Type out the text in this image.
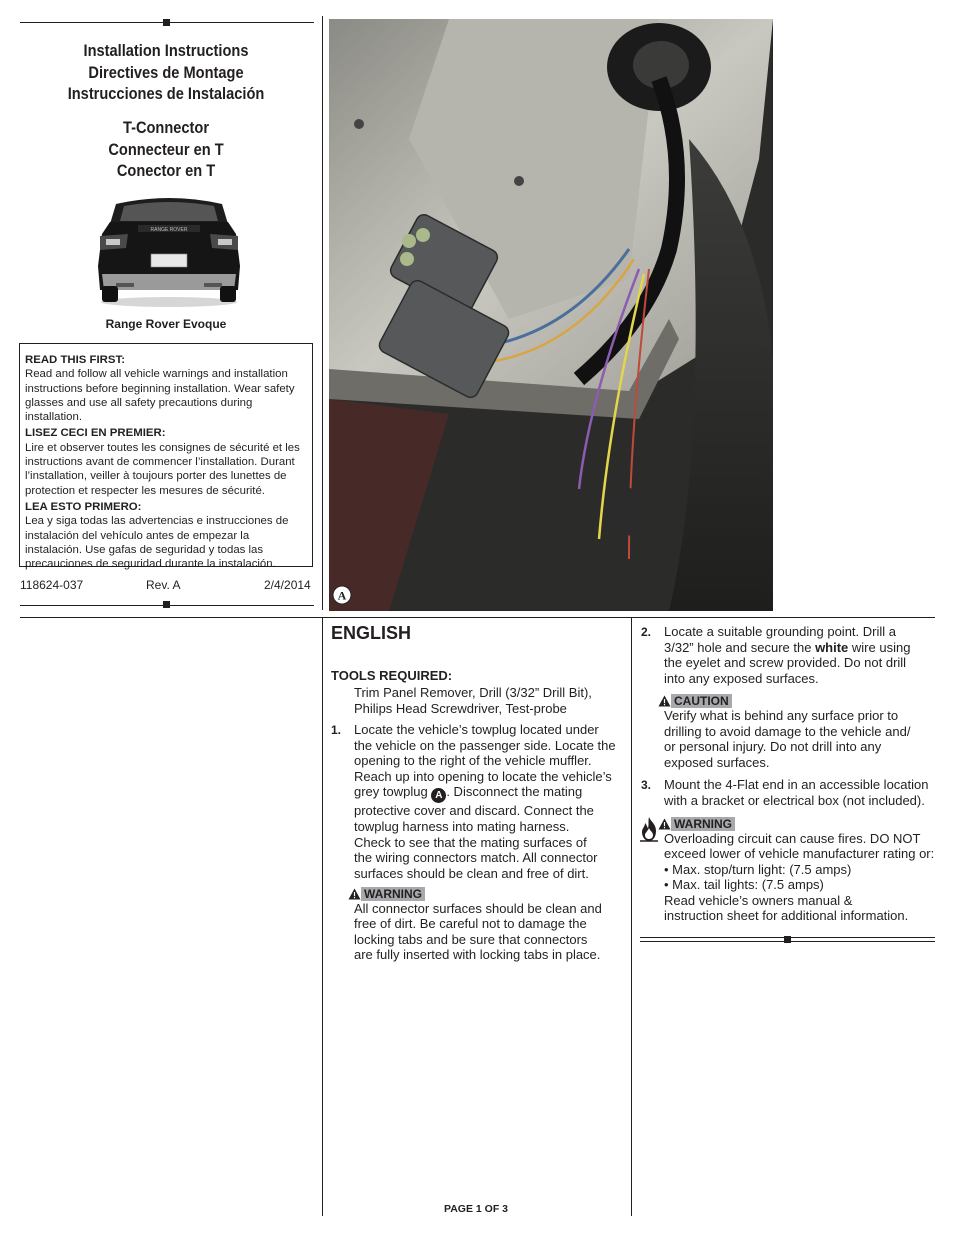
Installation Instructions
Directives de Montage
Instrucciones de Instalación
T-Connector
Connecteur en T
Conector en T
RANGE ROVER
Range Rover Evoque

READ THIS FIRST:

Read and follow all vehicle warnings and installation instructions before beginning installation. Wear safety glasses and use all safety precautions during installation.

LISEZ CECI EN PREMIER:

Lire et observer toutes les consignes de sécurité et les instructions avant de commencer l’installation. Durant l’installation, veiller à toujours porter des lunettes de protection et respecter les mesures de sécurité.

LEA ESTO PRIMERO:

Lea y siga todas las advertencias e instrucciones de instalación del vehículo antes de empezar la instalación. Use gafas de seguridad y todas las precauciones de seguridad durante la instalación.

118624-037	Rev. A	2/4/2014
A
ENGLISH
TOOLS REQUIRED:
Trim Panel Remover, Drill (3/32” Drill Bit),
Philips Head Screwdriver, Test-probe
1. Locate the vehicle’s towplug located under
the vehicle on the passenger side. Locate the
opening to the right of the vehicle muffler.
Reach up into opening to locate the vehicle’s
grey towplug A . Disconnect the mating
protective cover and discard. Connect the
towplug harness into mating harness.
Check to see that the mating surfaces of
the wiring connectors match. All connector
surfaces should be clean and free of dirt.
WARNING
All connector surfaces should be clean and
free of dirt. Be careful not to damage the
locking tabs and be sure that connectors
are fully inserted with locking tabs in place.
2. Locate a suitable grounding point. Drill a
3/32” hole and secure the white wire using
the eyelet and screw provided. Do not drill
into any exposed surfaces.
CAUTION
Verify what is behind any surface prior to
drilling to avoid damage to the vehicle and/
or personal injury. Do not drill into any
exposed surfaces.
3. Mount the 4-Flat end in an accessible location
with a bracket or electrical box (not included).
WARNING
Overloading circuit can cause fires. DO NOT
exceed lower of vehicle manufacturer rating or:
• Max. stop/turn light: (7.5 amps)
• Max. tail lights: (7.5 amps)
Read vehicle’s owners manual &
instruction sheet for additional information.
PAGE 1 OF 3
